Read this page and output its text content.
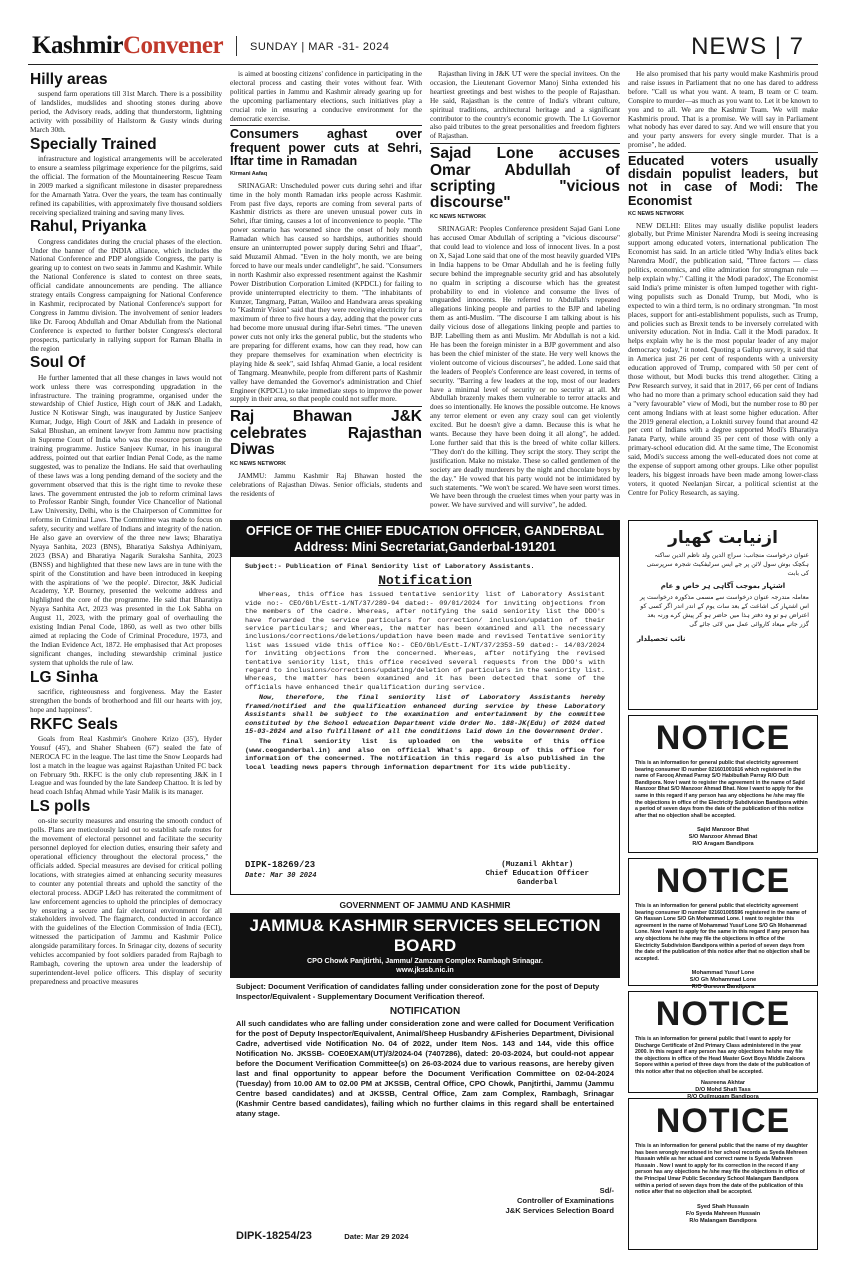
KashmirConvener SUNDAY | MAR -31- 2024	NEWS | 7
Hilly areas

suspend farm operations till 31st March. There is a possibility of landslides, mudslides and shooting stones during above period, the Advisory reads, adding that thunderstorm, lightning activity with possibility of Hailstorm & Gusty winds during March 30th.

Specially Trained

infrastructure and logistical arrangements will be accelerated to ensure a seamless pilgrimage experience for the pilgrims, said the official. The formation of the Mountaineering Rescue Team in 2009 marked a significant milestone in disaster preparedness for the Amarnath Yatra. Over the years, the team has continually refined its capabilities, with approximately five thousand soldiers receiving specialized training and saving many lives.

Rahul, Priyanka

Congress candidates during the crucial phases of the election. Under the banner of the INDIA alliance, which includes the National Conference and PDP alongside Congress, the party is gearing up to contest on two seats in Jammu and Kashmir. While the National Conference is slated to contest on three seats, official candidate announcements are pending. The alliance strategy entails Congress campaigning for National Conference in Kashmir, reciprocated by National Conference's support for Congress in Jammu division. The involvement of senior leaders like Dr. Farooq Abdullah and Omar Abdullah from the National Conference is expected to further bolster Congress's electoral prospects, particularly in rallying support for Raman Bhalla in the region

Soul Of

He further lamented that all these changes in laws would not work unless there was corresponding upgradation in the infrastructure. The training programme, organised under the stewardship of Chief Justice, High court of J&K and Ladakh, Justice N Kotiswar Singh, was inaugurated by Justice Sanjeev Kumar, Judge, High Court of J&K and Ladakh in presence of Sakal Bhushan, an eminent lawyer from Jammu now practising in Supreme Court of India who was the resource person in the training programme. Justice Sanjeev Kumar, in his inaugural address, pointed out that earlier Indian Penal Code, as the name suggested, was to penalize the Indians. He said that overhauling of these laws was a long pending demand of the society and the government observed that this is the right time to revoke these laws. The government entrusted the job to reform criminal laws to Professor Ranbir Singh, founder Vice Chancellor of National Law University, Delhi, who is the Chairperson of Committee for reforms in Criminal Laws. The Committee was made to focus on safety, security and welfare of Indians and integrity of the nation. He also gave an overview of the three new laws; Bharatiya Nyaya Sanhita, 2023 (BNS), Bharatiya Sakshya Adhiniyam, 2023 (BSA) and Bharatiya Nagarik Suraksha Sanhita, 2023 (BNSS) and highlighted that these new laws are in tune with the spirit of the Constitution and have been introduced in keeping with the aspirations of 'we the people'. Director, J&K Judicial Academy, Y.P. Bourney, presented the welcome address and highlighted the core of the programme. He said that Bharatiya Nyaya Sanhita Act, 2023 was presented in the Lok Sabha on August 11, 2023, with the primary goal of overhauling the existing Indian Penal Code, 1860, as well as two other bills aimed at replacing the Code of Criminal Procedure, 1973, and the Indian Evidence Act, 1872. He emphasised that Act proposes significant changes, including stewardship criminal justice system that upholds the rule of law.

LG Sinha

sacrifice, righteousness and forgiveness. May the Easter strengthen the bonds of brotherhood and fill our hearts with joy, hope and happiness".

RKFC Seals

Goals from Real Kashmir's Gnohere Krizo (35'), Hyder Yousuf (45'), and Shaher Shaheen (67') sealed the fate of NEROCA FC in the league. The last time the Snow Leopards had lost a match in the league was against Rajasthan United FC back on February 9th. RKFC is the only club representing J&K in I League and was founded by the late Sandeep Chattoo. It is led by head coach Ishfaq Ahmad while Yasir Malik is its manager.

LS polls

on-site security measures and ensuring the smooth conduct of polls. Plans are meticulously laid out to establish safe routes for the movement of electoral personnel and facilitate the security personnel deployed for election duties, ensuring their safety and operational efficiency throughout the electoral process," the officials added. Special measures are devised for critical polling locations, with strategies aimed at enhancing security measures to counter any potential threats and uphold the sanctity of the electoral process. ADGP L&O has reiterated the commitment of law enforcement agencies to uphold the principles of democracy by ensuring a secure and fair electoral environment for all stakeholders involved. The flagmarch, conducted in accordance with the guidelines of the Election Commission of India (ECI), witnessed the participation of Jammu and Kashmir Police alongside paramilitary forces. In Srinagar city, dozens of security vehicles accompanied by foot soldiers paraded from Rajbagh to Rambagh, covering the uptown area under the leadership of superintendent-level police officers. This display of security preparedness and proactive measures

is aimed at boosting citizens' confidence in participating in the electoral process and casting their votes without fear. With political parties in Jammu and Kashmir already gearing up for the upcoming parliamentary elections, such initiatives play a crucial role in ensuring a conducive environment for the democratic exercise.

Consumers aghast over frequent power cuts at Sehri, Iftar time in Ramadan
Kirmani Aafaq

SRINAGAR: Unscheduled power cuts during sehri and iftar time in the holy month Ramadan irks people across Kashmir. From past five days, reports are coming from several parts of Kashmir districts as there are uneven unusual power cuts in Sehri, iftar timing, causes a lot of inconvenience to people. "The power scenario has worsened since the onset of holy month Ramadan which has caused so hardships, authorities should ensure an uninterrupted power supply during Sehri and Iftaar", said Muzamil Ahmad. "Even in the holy month, we are being forced to have our meals under candlelight", he said. "Consumers in north Kashmir also expressed resentment against the Kashmir Power Distribution Corporation Limited (KPDCL) for failing to provide uninterrupted electricity to them. "The inhabitants of Kunzer, Tangmarg, Pattan, Wailoo and Handwara areas speaking to "Kashmir Vision" said that they were receiving electricity for a maximum of three to five hours a day, adding that the power cuts had become more unusual during iftar-Sehri times. "The uneven power cuts not only irks the general public, but the students who are preparing for different exams, how can they read, how can they prepare themselves for examination when electricity is playing hide & seek", said Ishfaq Ahmad Ganie, a local resident of Tangmarg. Meanwhile, people from different parts of Kashmir valley have demanded the Governor's administration and Chief Engineer (KPDCL) to take immediate steps to improve the power supply in their area, so that people could not suffer more.

Raj Bhawan J&K celebrates Rajasthan Diwas
KC NEWS NETWORK

JAMMU: Jammu Kashmir Raj Bhawan hosted the celebrations of Rajasthan Diwas. Senior officials, students and the residents of

Rajasthan living in J&K UT were the special invitees. On the occasion, the Lieutenant Governor Manoj Sinha extended his heartiest greetings and best wishes to the people of Rajasthan. He said, Rajasthan is the centre of India's vibrant culture, spiritual traditions, architectural heritage and a significant contributor to the country's economic growth. The Lt Governor also paid tributes to the great personalities and freedom fighters of Rajasthan.

Sajad Lone accuses Omar Abdullah of scripting "vicious discourse"
KC NEWS NETWORK

SRINAGAR: Peoples Conference president Sajad Gani Lone has accused Omar Abdullah of scripting a "vicious discourse" that could lead to violence and loss of innocent lives. In a post on X, Sajad Lone said that one of the most heavily guarded VIPs in India happens to be Omar Abdullah and he is feeling fully secure behind the impregnable security grid and has absolutely no qualm in scripting a discourse which has the greatest probability to end in violence and consume the lives of unguarded innocents. He referred to Abdullah's repeated allegations linking people and parties to the BJP and labeling them as anti-Muslim. "The discourse I am talking about is his daily vicious dose of allegations linking people and parties to BJP. Labelling them as anti Muslim. Mr Abdullah is not a kid. He has been the foreign minister in a BJP government and also has been the chief minister of the state. He very well knows the violent outcome of vicious discourses", he added. Lone said that the leaders of People's Conference are least covered, in terms of security. "Barring a few leaders at the top, most of our leaders have a minimal level of security or no security at all. Mr Abdullah brazenly makes them vulnerable to terror attacks and does so intentionally. He knows the possible outcome. He knows any terror element or even any crazy soul can get violently excited. But he doesn't give a damn. Because this is what he wants. Because they have been doing it all along", he added. Lone further said that this is the breed of white collar killers. "They don't do the killing. They script the story. They script the justification. Make no mistake. These so called gentlemen of the society are deadly murderers by the night and chocolate boys by the day." He vowed that his party would not be intimidated by such statements. "We won't be scared. We have seen worst times. We have been through the cruelest times when your party was in power. We have survived and will survive", he added.

He also promised that his party would make Kashmiris proud and raise issues in Parliament that no one has dared to address before. "Call us what you want. A team, B team or C team. Conspire to murder—as much as you want to. Let it be known to you and to all. We are the Kashmir Team. We will make Kashmiris proud. That is a promise. We will say in Parliament what nobody has ever dared to say. And we will ensure that you and your party answers for every single murder. That is a promise", he added.

Educated voters usually disdain populist leaders, but not in case of Modi: The Economist
KC NEWS NETWORK

NEW DELHI: Elites may usually dislike populist leaders globally, but Prime Minister Narendra Modi is seeing increasing support among educated voters, international publication The Economist has said. In an article titled 'Why India's elites back Narendra Modi', the publication said, "Three factors — class politics, economics, and elite admiration for strongman rule — help explain why." Calling it 'the Modi paradox', The Economist said India's prime minister is often lumped together with right-wing populists such as Donald Trump, but Modi, who is expected to win a third term, is no ordinary strongman. "In most places, support for anti-establishment populists, such as Trump, and policies such as Brexit tends to be inversely correlated with university education. Not in India. Call it the Modi paradox. It helps explain why he is the most popular leader of any major democracy today," it noted. Quoting a Gallup survey, it said that in America just 26 per cent of respondents with a university education approved of Trump, compared with 50 per cent of those without, but Modi bucks this trend altogether. Citing a Pew Research survey, it said that in 2017, 66 per cent of Indians who had no more than a primary school education said they had a "very favourable" view of Modi, but the number rose to 80 per cent among Indians with at least some higher education. After the 2019 general election, a Lokniti survey found that around 42 per cent of Indians with a degree supported Modi's Bharatiya Janata Party, while around 35 per cent of those with only a primary-school education did. At the same time, The Economist said, Modi's success among the well-educated does not come at the expense of support among other groups. Like other populist leaders, his biggest inroads have been made among lower-class voters, it quoted Neelanjan Sircar, a political scientist at the Centre for Policy Research, as saying.

OFFICE OF THE CHIEF EDUCATION OFFICER, GANDERBAL
Address: Mini Secretariat,Ganderbal-191201
Subject:- Publication of Final Seniority list of Laboratory Assistants.
Notification
Whereas, this office has issued tentative seniority list of Laboratory Assistant vide no:- CEO/Gbl/Estt-1/NT/37/289-94 dated:- 09/01/2024 for inviting objections from the members of the cadre. Whereas, after notifying the said seniority list the DDO's have forwarded the service particulars for correction/ inclusion/updation of their service particulars; and Whereas, the matter has been examined and all the necessary inclusions/corrections/deletions/updation have been made and revised Tentative seniority list was issued vide this office No:- CEO/Gbl/Estt-I/NT/37/2353-59 dated:- 14/03/2024 for inviting objections from the concerned. Whereas, after notifying the revised tentative seniority list, this office received several requests from the DDO's with regard to inclusions/corrections/updating/deletion of particulars in the seniority list. Whereas, the matter has been examined and it has been detected that some of the officials have enhanced their qualification during service.
Now, therefore, the final seniority list of Laboratory Assistants hereby framed/notified and the qualification enhanced during service by these Laboratory Assistants shall be subject to the examination and entertainment by the committee constituted by the School education Department vide Order No. 188-JK(Edu) of 2024 dated 15-03-2024 and also fulfillment of all the conditions laid down in the Government Order.
The final seniority list is uploaded on the website of this office (www.ceoganderbal.in) and also on official What's app. Group of this office for information of the concerned. The notification in this regard is also published in the local leading news papers through information department for its wide publicity.
DIPK-18269/23
Date: Mar 30 2024
(Muzamil Akhtar)
Chief Education Officer
Ganderbal
ازنیابت کھیار
عنوان درخواست منجانب: سراج الدین ولد ناظم الدین ساکنہ ہکچک بوش سول لائن پر جے ایس سرٹیفکیٹ شجرہ سرپرستی کی بابت
اشتہار بموجب آگاہی ہر خاص و عام
معاملہ مندرجہ عنوان درخواست سے مسمی مذکورہ درخواست پر اس اشتہار کی اشاعت کے بعد سات یوم کے اندر اندر اگر کسی کو اعتراض ہو تو وہ دفتر ہذا میں حاضر ہو کر پیش کرے ورنہ بعد گزر جانے میعاد کاروائی عمل میں لائی جائے گی
نائب تحصیلدار
NOTICE
This is an information for general public that electricity agreement bearing consumer ID number 021601001616 which registered in the name of Farooq Ahmad Parray S/O Habibullah Parray R/O Dutt Bandipora. Now I want to register the agreement in the name of Sajid Manzoor Bhat S/O Manzoor Ahmad Bhat. Now I want to apply for the same in this regard if any person has any objections he /she may file the objections in office of the Electricity Subdivision Bandipora within a period of seven days from the date of the publication of this notice after that no objection shall be accepted.
Sajid Manzoor Bhat
S/O Manzoor Ahmad Bhat
R/O Aragam Bandipora
NOTICE
This is an information for general public that electricity agreement bearing consumer ID number 021601005596 registered in the name of Gh Hassan Lone S/O Gh Mohammad Lone. I want to register this agreement in the name of Mohammad Yusuf Lone S/O Gh Mohammad Lone. Now I want to apply for the same in this regard if any person has any objections he /she may file the objections in office of the Electricity Subdivision Bandipora within a period of seven days from the date of the publication of this notice after that no objection shall be accepted.
Mohammad Yusuf Lone
S/O Gh Mohammad Lone
R/O Gureora Bandipora
NOTICE
This is an information for general public that I want to apply for Discharge Certificate of 2nd Primary Class administered in the year 2000. In this regard if any person has any objections he/she may file the objections in office of the Head Master Govt Boys Middle Zaloora Sopore within a period of three days from the date of the publication of this notice after that no objection shall be accepted.
Nasreena Akhtar
D/O Mohd Shafi Tass
R/O Quilmuqam Bandipora
NOTICE
This is an information for general public that the name of my daughter has been wrongly mentioned in her school records as Syeda Mehreen Hussain while as her actual and correct name is Syeda Mahreen Hussain . Now I want to apply for its correction in the record if any person has any objections he /she may file the objections in office of the Principal Umar Public Secondary School Malangam Bandipora within a period of seven days from the date of the publication of this notice after that no objection shall be accepted.
Syed Shah Hussain
F/o Syeda Mahreen Hussain
R/o Malangam Bandipora
GOVERNMENT OF JAMMU AND KASHMIR
JAMMU& KASHMIR SERVICES SELECTION BOARD
CPO Chowk Panjtirthi, Jammu/ Zamzam Complex Rambagh Srinagar.
www.jkssb.nic.in
Subject: Document Verification of candidates falling under consideration zone for the post of Deputy Inspector/Equivalent - Supplementary Document Verification thereof.
NOTIFICATION
All such candidates who are falling under consideration zone and were called for Document Verification for the post of Deputy Inspector/Equivalent, Animal/Sheep Husbandry &Fisheries Department, Divisional Cadre, advertised vide Notification No. 04 of 2022, under Item Nos. 143 and 144, vide this office Notification No. JKSSB- COE0EXAM(UT)/3/2024-04 (7407286), dated: 20-03-2024, but could-not appear before the Document Verification Committee(s) on 26-03-2024 due to various reasons, are hereby given last and final opportunity to appear before the Document Verification Committee on 02-04-2024 (Tuesday) from 10.00 AM to 02.00 PM at JKSSB, Central Office, CPO Chowk, Panjtirthi, Jammu (Jammu Centre based candidates) and at JKSSB, Central Office, Zam zam Complex, Rambagh, Srinagar (Kashmir Centre based candidates), failing which no further claims in this regard shall be entertained atany stage.
Sd/-
Controller of Examinations
J&K Services Selection Board
DIPK-18254/23	Date: Mar 29 2024
